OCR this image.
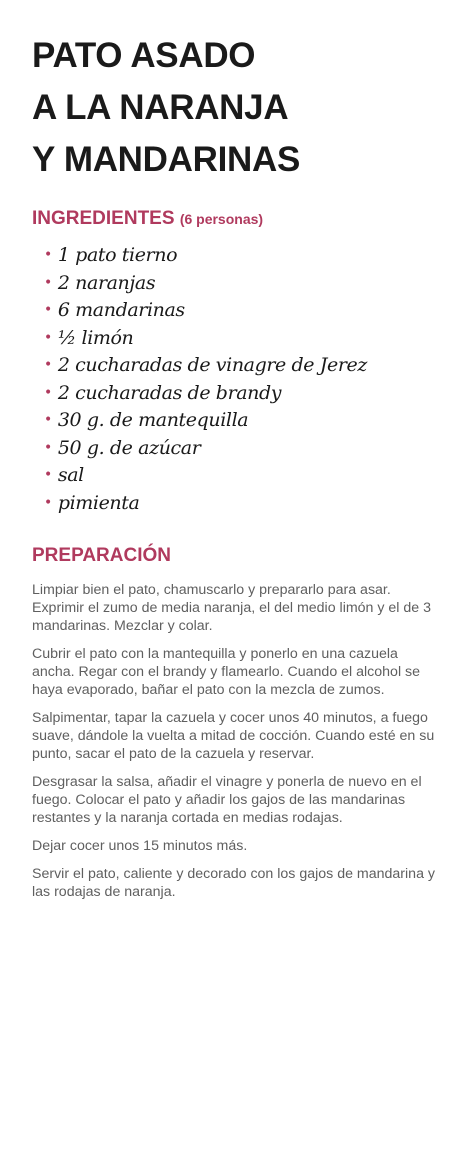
PATO ASADO
A LA NARANJA
Y MANDARINAS
INGREDIENTES (6 personas)
• 1 pato tierno
• 2 naranjas
• 6 mandarinas
• ½ limón
• 2 cucharadas de vinagre de Jerez
• 2 cucharadas de brandy
• 30 g. de mantequilla
• 50 g. de azúcar
• sal
• pimienta
PREPARACIÓN

Limpiar bien el pato, chamuscarlo y prepararlo para asar. Exprimir el zumo de media naranja, el del medio limón y el de 3 mandarinas. Mezclar y colar.

Cubrir el pato con la mantequilla y ponerlo en una cazuela ancha. Regar con el brandy y flamearlo. Cuando el alcohol se haya evaporado, bañar el pato con la mezcla de zumos.

Salpimentar, tapar la cazuela y cocer unos 40 minutos, a fuego suave, dándole la vuelta a mitad de cocción. Cuando esté en su punto, sacar el pato de la cazuela y reservar.

Desgrasar la salsa, añadir el vinagre y ponerla de nuevo en el fuego. Colocar el pato y añadir los gajos de las mandarinas restantes y la naranja cortada en medias rodajas.

Dejar cocer unos 15 minutos más.

Servir el pato, caliente y decorado con los gajos de mandarina y las rodajas de naranja.
